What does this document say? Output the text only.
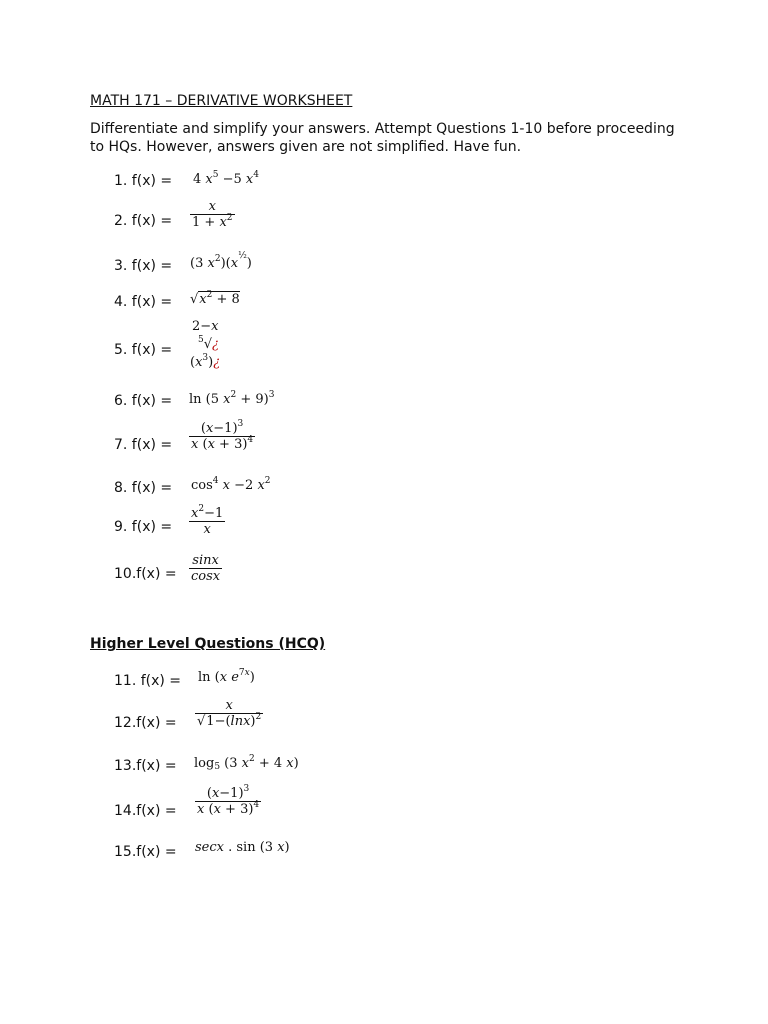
MATH 171 – DERIVATIVE WORKSHEET
Differentiate and simplify your answers. Attempt Questions 1-10 before proceeding to HQs. However, answers given are not simplified. Have fun.
1. f(x) =
2. f(x) =
3. f(x) =
4. f(x) =
5. f(x) =
6. f(x) =
7. f(x) =
8. f(x) =
9. f(x) =
10.f(x) =
4 $x^5 -5$ $x^4$
$\frac{x}{1 + x^2}$
(3 $x^2)(x^{\frac{1}{2}})$
$√x^2 + 8$
2−x
$^5$√¿
$(x^3)¿$
ln (5 $x^2 + 9)^3$
$\frac{(x-1)^3}{x (x + 3)^4}$
$\cos^4 x -2$ $x^2$
$\frac{x^2-1}{x}$
$\frac{\sin x}{\cos x}$
Higher Level Questions (HCQ)
11. f(x) =
12.f(x) =
13.f(x) =
14.f(x) =
15.f(x) =
ln (x $e^{7x}$)
$\frac{x}{√1-(\ln x)^2}$
$\log_5 (3$ $x^2 + 4$ x)
$\frac{(x-1)^3}{x (x + 3)^4}$
secx . sin (3 x)
